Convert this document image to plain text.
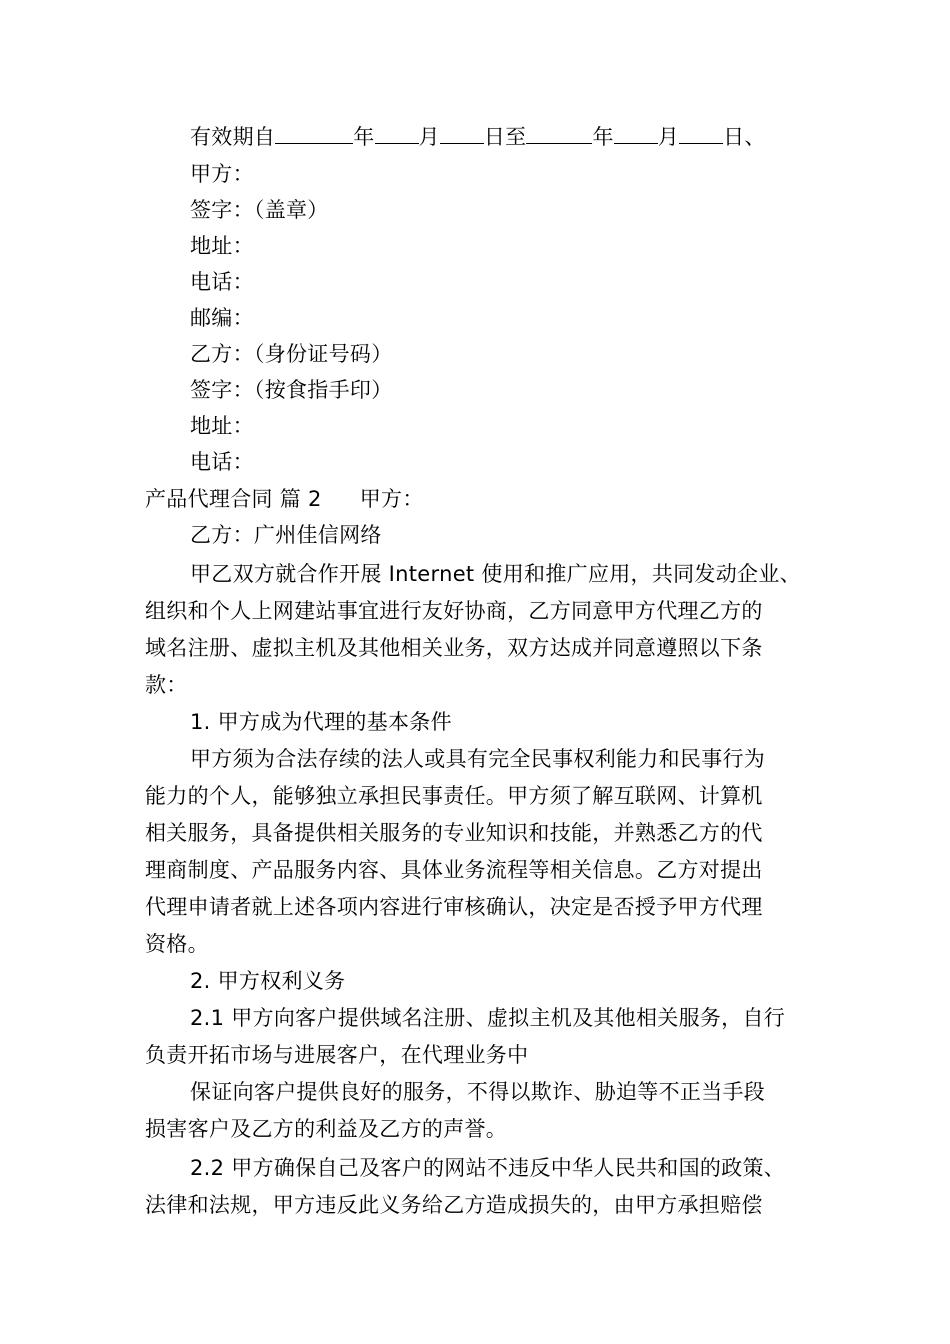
有效期自	年 月 日至	年 月 日、
甲方：
签字：（盖章）
地址：
电话：
邮编：
乙方：（身份证号码）
签字：（按食指手印）
地址：
电话：
产品代理合同 篇 2 甲方：
乙方：广州佳信网络
甲乙双方就合作开展 Internet 使用和推广应用，共同发动企业、
组织和个人上网建站事宜进行友好协商，乙方同意甲方代理乙方的
域名注册、虚拟主机及其他相关业务，双方达成并同意遵照以下条
款：
1. 甲方成为代理的基本条件
甲方须为合法存续的法人或具有完全民事权利能力和民事行为
能力的个人，能够独立承担民事责任。甲方须了解互联网、计算机
相关服务，具备提供相关服务的专业知识和技能，并熟悉乙方的代
理商制度、产品服务内容、具体业务流程等相关信息。乙方对提出
代理申请者就上述各项内容进行审核确认，决定是否授予甲方代理
资格。
2. 甲方权利义务
2.1 甲方向客户提供域名注册、虚拟主机及其他相关服务，自行
负责开拓市场与进展客户，在代理业务中
保证向客户提供良好的服务，不得以欺诈、胁迫等不正当手段
损害客户及乙方的利益及乙方的声誉。
2.2 甲方确保自己及客户的网站不违反中华人民共和国的政策、
法律和法规，甲方违反此义务给乙方造成损失的，由甲方承担赔偿
